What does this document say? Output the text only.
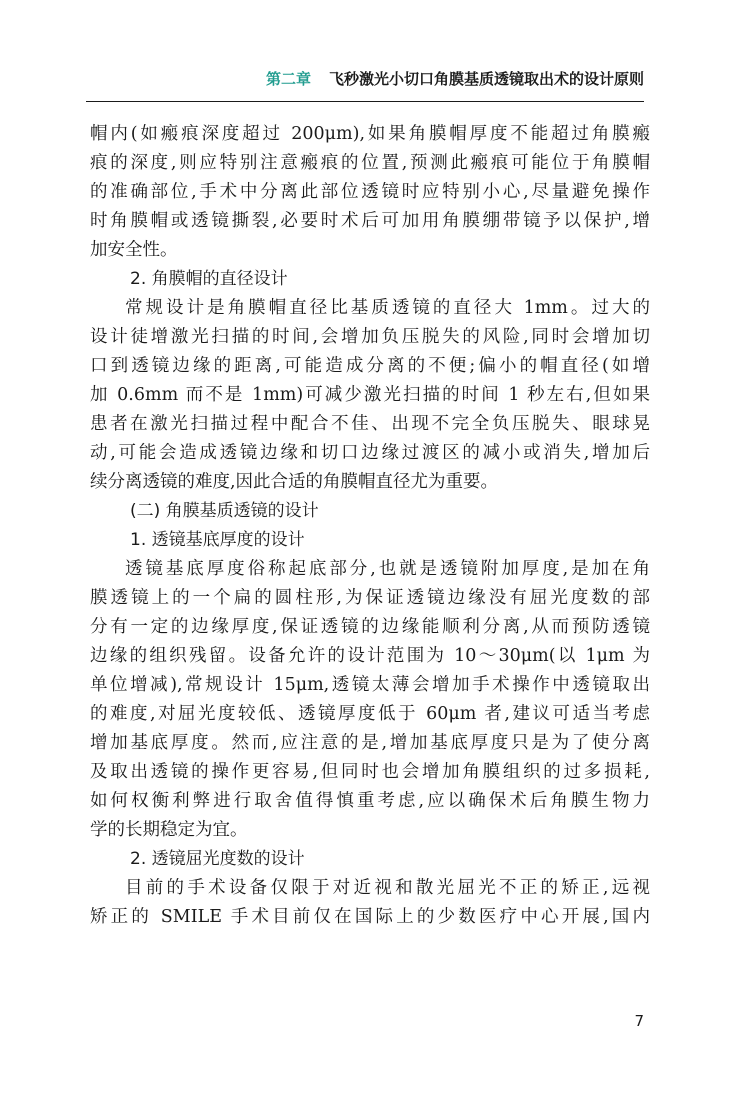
第二章 飞秒激光小切口角膜基质透镜取出术的设计原则
帽内(如瘢痕深度超过 200μm),如果角膜帽厚度不能超过角膜瘢
痕的深度,则应特别注意瘢痕的位置,预测此瘢痕可能位于角膜帽
的准确部位,手术中分离此部位透镜时应特别小心,尽量避免操作
时角膜帽或透镜撕裂,必要时术后可加用角膜绷带镜予以保护,增
加安全性。
2. 角膜帽的直径设计
常规设计是角膜帽直径比基质透镜的直径大 1mm。过大的
设计徒增激光扫描的时间,会增加负压脱失的风险,同时会增加切
口到透镜边缘的距离,可能造成分离的不便;偏小的帽直径(如增
加 0.6mm 而不是 1mm)可减少激光扫描的时间 1 秒左右,但如果
患者在激光扫描过程中配合不佳、出现不完全负压脱失、眼球晃
动,可能会造成透镜边缘和切口边缘过渡区的减小或消失,增加后
续分离透镜的难度,因此合适的角膜帽直径尤为重要。
(二) 角膜基质透镜的设计
1. 透镜基底厚度的设计
透镜基底厚度俗称起底部分,也就是透镜附加厚度,是加在角
膜透镜上的一个扁的圆柱形,为保证透镜边缘没有屈光度数的部
分有一定的边缘厚度,保证透镜的边缘能顺利分离,从而预防透镜
边缘的组织残留。设备允许的设计范围为 10～30μm(以 1μm 为
单位增减),常规设计 15μm,透镜太薄会增加手术操作中透镜取出
的难度,对屈光度较低、透镜厚度低于 60μm 者,建议可适当考虑
增加基底厚度。然而,应注意的是,增加基底厚度只是为了使分离
及取出透镜的操作更容易,但同时也会增加角膜组织的过多损耗,
如何权衡利弊进行取舍值得慎重考虑,应以确保术后角膜生物力
学的长期稳定为宜。
2. 透镜屈光度数的设计
目前的手术设备仅限于对近视和散光屈光不正的矫正,远视
矫正的 SMILE 手术目前仅在国际上的少数医疗中心开展,国内
7
